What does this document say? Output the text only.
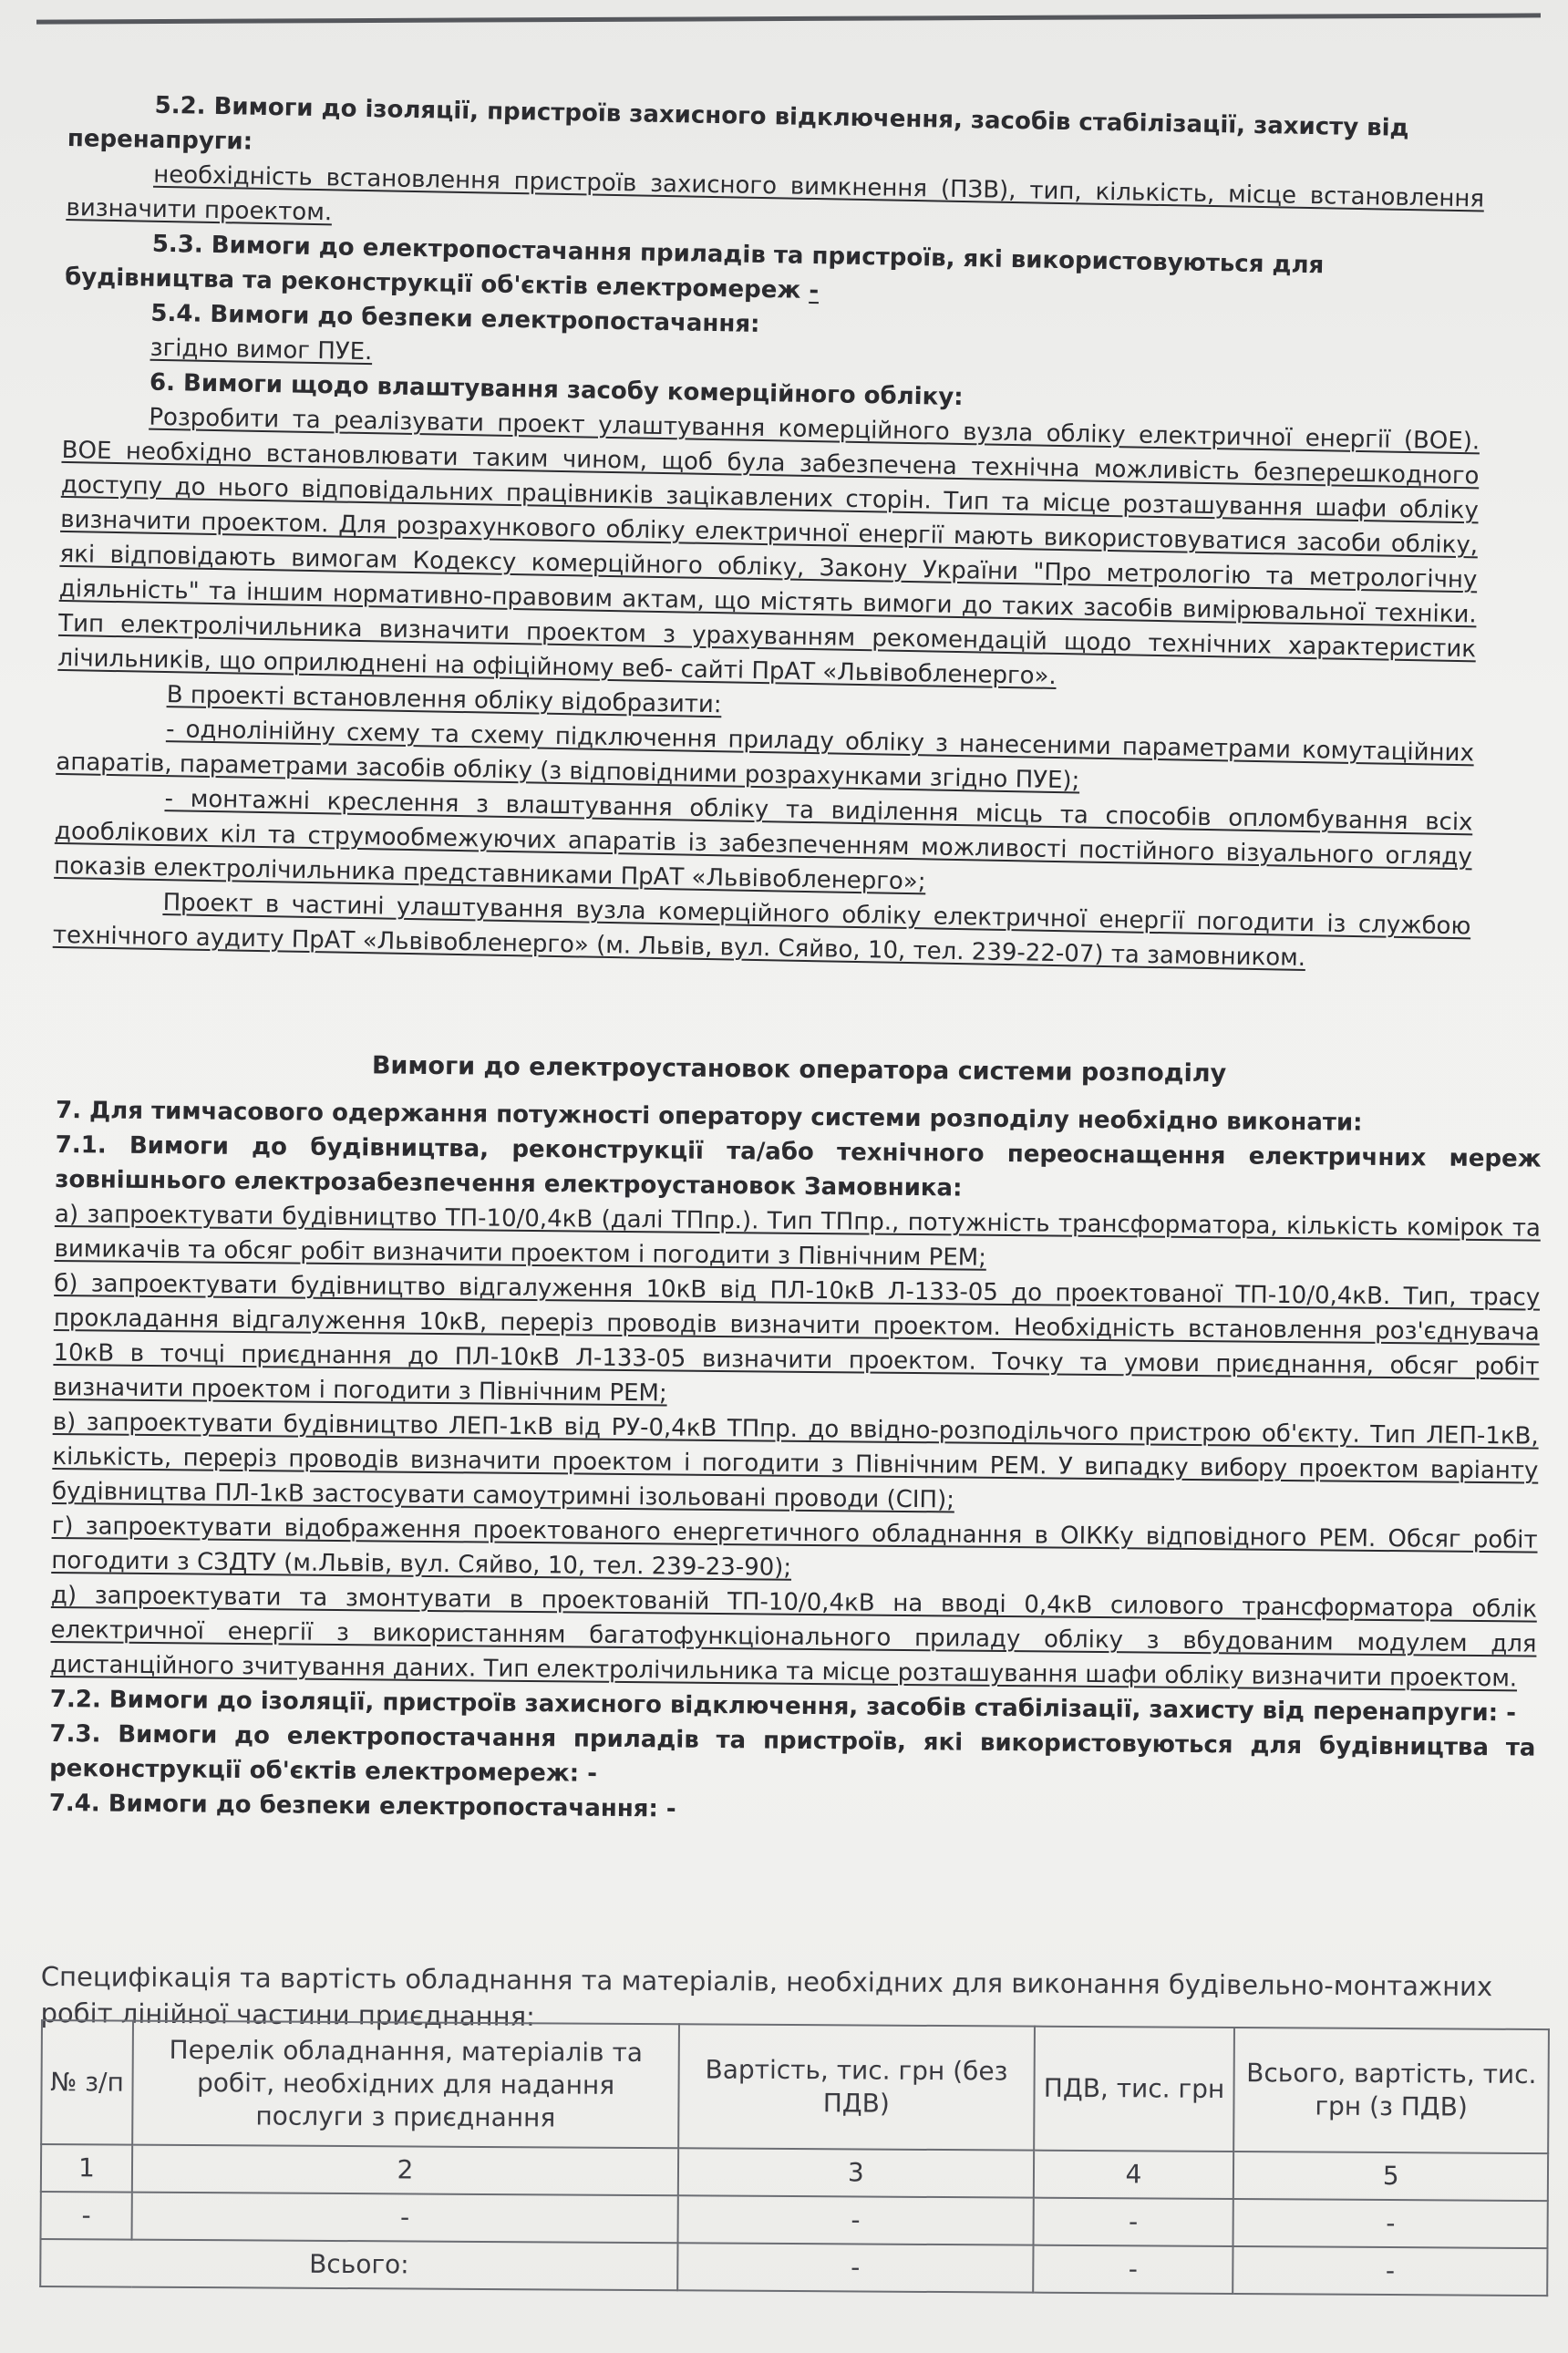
5.2. Вимоги до ізоляції, пристроїв захисного відключення, засобів стабілізації, захисту від

перенапруги:

необхідність встановлення пристроїв захисного вимкнення (ПЗВ), тип, кількість, місце встановлення визначити проектом.

5.3. Вимоги до електропостачання приладів та пристроїв, які використовуються для будівництва та реконструкції об'єктів електромереж -

5.4. Вимоги до безпеки електропостачання:

згідно вимог ПУЕ.

6. Вимоги щодо влаштування засобу комерційного обліку:

Розробити та реалізувати проект улаштування комерційного вузла обліку електричної енергії (ВОЕ). ВОЕ необхідно встановлювати таким чином, щоб була забезпечена технічна можливість безперешкодного доступу до нього відповідальних працівників зацікавлених сторін. Тип та місце розташування шафи обліку визначити проектом. Для розрахункового обліку електричної енергії мають використовуватися засоби обліку, які відповідають вимогам Кодексу комерційного обліку, Закону України "Про метрологію та метрологічну діяльність" та іншим нормативно-правовим актам, що містять вимоги до таких засобів вимірювальної техніки. Тип електролічильника визначити проектом з урахуванням рекомендацій щодо технічних характеристик лічильників, що оприлюднені на офіційному веб- сайті ПрАТ «Львівобленерго».

В проекті встановлення обліку відобразити:

- однолінійну схему та схему підключення приладу обліку з нанесеними параметрами комутаційних апаратів, параметрами засобів обліку (з відповідними розрахунками згідно ПУЕ);

- монтажні креслення з влаштування обліку та виділення місць та способів опломбування всіх дооблікових кіл та струмообмежуючих апаратів із забезпеченням можливості постійного візуального огляду показів електролічильника представниками ПрАТ «Львівобленерго»;

Проект в частині улаштування вузла комерційного обліку електричної енергії погодити із службою технічного аудиту ПрАТ «Львівобленерго» (м. Львів, вул. Сяйво, 10, тел. 239-22-07) та замовником.

Вимоги до електроустановок оператора системи розподілу

7. Для тимчасового одержання потужності оператору системи розподілу необхідно виконати:

7.1. Вимоги до будівництва, реконструкції та/або технічного переоснащення електричних мереж зовнішнього електрозабезпечення електроустановок Замовника:

а) запроектувати будівництво ТП-10/0,4кВ (далі ТПпр.). Тип ТПпр., потужність трансформатора, кількість комірок та вимикачів та обсяг робіт визначити проектом і погодити з Північним РЕМ;

б) запроектувати будівництво відгалуження 10кВ від ПЛ-10кВ Л-133-05 до проектованої ТП-10/0,4кВ. Тип, трасу прокладання відгалуження 10кВ, переріз проводів визначити проектом. Необхідність встановлення роз'єднувача 10кВ в точці приєднання до ПЛ-10кВ Л-133-05 визначити проектом. Точку та умови приєднання, обсяг робіт визначити проектом і погодити з Північним РЕМ;

в) запроектувати будівництво ЛЕП-1кВ від РУ-0,4кВ ТПпр. до ввідно-розподільчого пристрою об'єкту. Тип ЛЕП-1кВ, кількість, переріз проводів визначити проектом і погодити з Північним РЕМ. У випадку вибору проектом варіанту будівництва ПЛ-1кВ застосувати самоутримні ізольовані проводи (СІП);

г) запроектувати відображення проектованого енергетичного обладнання в ОІККу відповідного РЕМ. Обсяг робіт погодити з СЗДТУ (м.Львів, вул. Сяйво, 10, тел. 239-23-90);

д) запроектувати та змонтувати в проектованій ТП-10/0,4кВ на вводі 0,4кВ силового трансформатора облік електричної енергії з використанням багатофункціонального приладу обліку з вбудованим модулем для дистанційного зчитування даних. Тип електролічильника та місце розташування шафи обліку визначити проектом.

7.2. Вимоги до ізоляції, пристроїв захисного відключення, засобів стабілізації, захисту від перенапруги: -

7.3. Вимоги до електропостачання приладів та пристроїв, які використовуються для будівництва та реконструкції об'єктів електромереж: -

7.4. Вимоги до безпеки електропостачання: -

Специфікація та вартість обладнання та матеріалів, необхідних для виконання будівельно-монтажних робіт лінійної частини приєднання:
№ з/п	Перелік обладнання, матеріалів та робіт, необхідних для надання послуги з приєднання	Вартість, тис. грн (без ПДВ)	ПДВ, тис. грн	Всього, вартість, тис. грн (з ПДВ)
1	2	3	4	5
-	-	-	-	-
Всього:		-	-	-
